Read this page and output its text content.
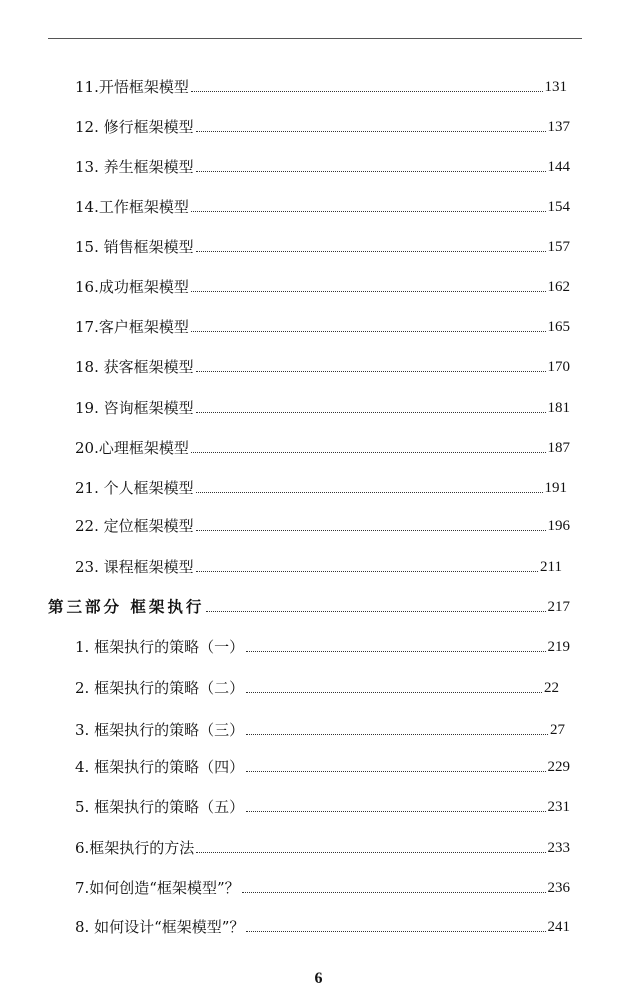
11.开悟框架模型	131
12. 修行框架模型	137
13. 养生框架模型	144
14.工作框架模型	154
15. 销售框架模型	157
16.成功框架模型	162
17.客户框架模型	165
18. 获客框架模型	170
19. 咨询框架模型	181
20.心理框架模型	187
21. 个人框架模型	191
22. 定位框架模型	196
23. 课程框架模型	211
第三部分 框架执行	217
1. 框架执行的策略（一）	219
2. 框架执行的策略（二）	22
3. 框架执行的策略（三）	27
4. 框架执行的策略（四）	229
5. 框架执行的策略（五）	231
6.框架执行的方法	233
7.如何创造“框架模型”？	236
8. 如何设计“框架模型”？	241
6
